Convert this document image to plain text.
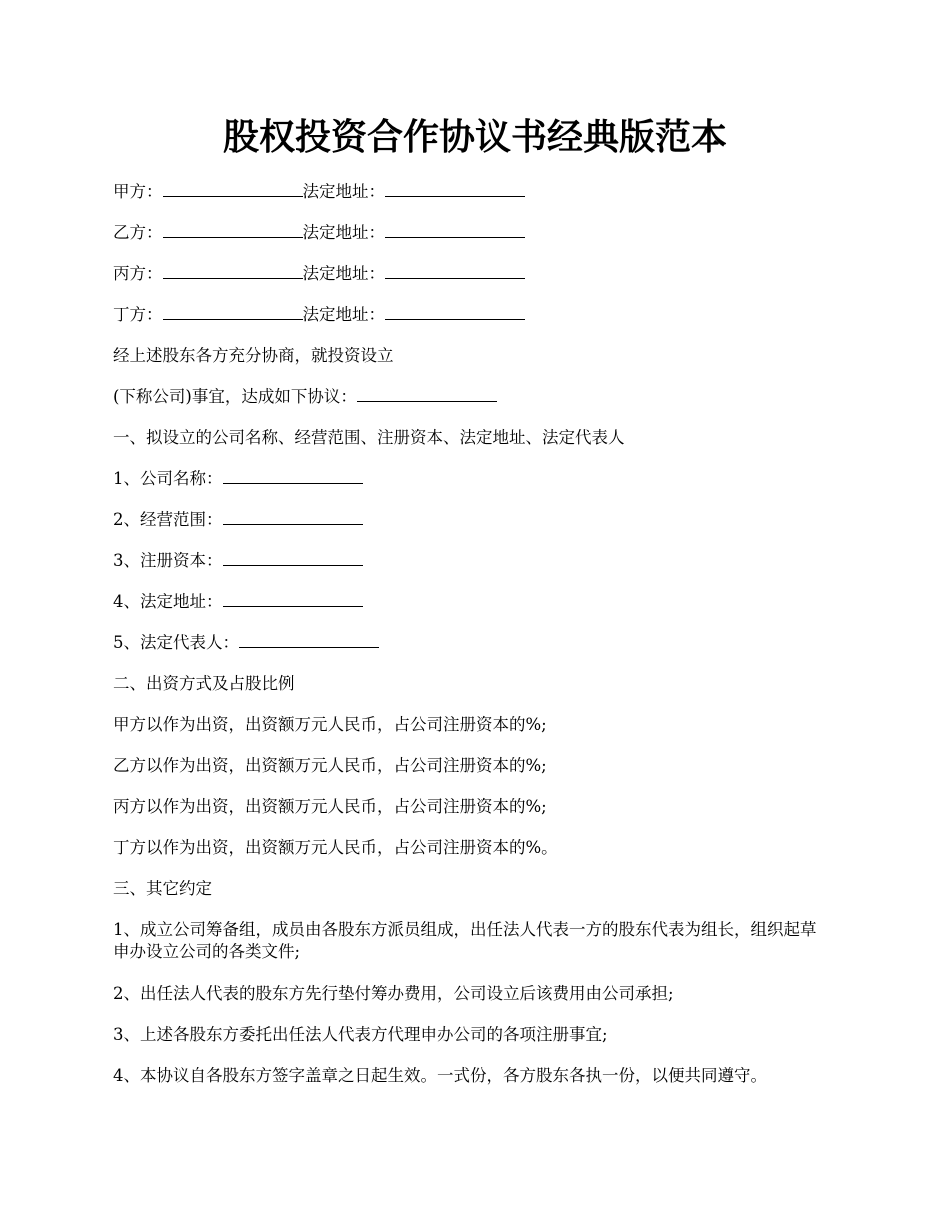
股权投资合作协议书经典版范本
甲方：	法定地址：
乙方：	法定地址：
丙方：	法定地址：
丁方：	法定地址：
经上述股东各方充分协商，就投资设立
(下称公司)事宜，达成如下协议：
一、拟设立的公司名称、经营范围、注册资本、法定地址、法定代表人
1、公司名称：
2、经营范围：
3、注册资本：
4、法定地址：
5、法定代表人：
二、出资方式及占股比例
甲方以作为出资，出资额万元人民币，占公司注册资本的%;
乙方以作为出资，出资额万元人民币，占公司注册资本的%;
丙方以作为出资，出资额万元人民币，占公司注册资本的%;
丁方以作为出资，出资额万元人民币，占公司注册资本的%。
三、其它约定
1、成立公司筹备组，成员由各股东方派员组成，出任法人代表一方的股东代表为组长，组织起草申办设立公司的各类文件;
2、出任法人代表的股东方先行垫付筹办费用，公司设立后该费用由公司承担;
3、上述各股东方委托出任法人代表方代理申办公司的各项注册事宜;
4、本协议自各股东方签字盖章之日起生效。一式份，各方股东各执一份，以便共同遵守。
